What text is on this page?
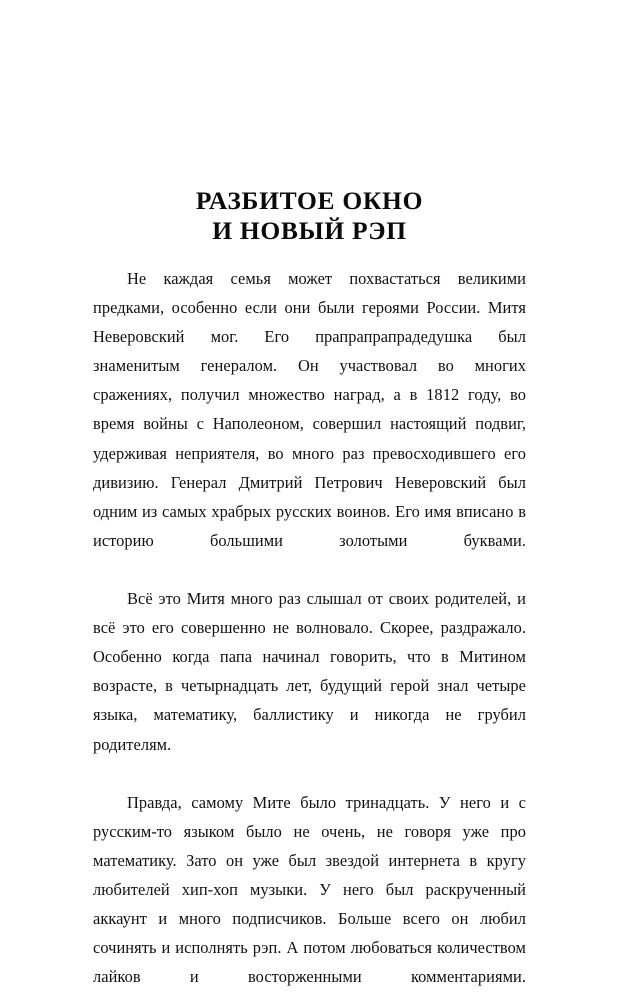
РАЗБИТОЕ ОКНО
И НОВЫЙ РЭП

Не каждая семья может похвастаться великими предками, особенно если они были героями России. Митя Неверовский мог. Его прапрапрапрадедушка был знаменитым генералом. Он участвовал во многих сражениях, получил множество наград, а в 1812 году, во время войны с Наполеоном, совершил настоящий подвиг, удерживая неприятеля, во много раз превосходившего его дивизию. Генерал Дмитрий Петрович Неверовский был одним из самых храбрых русских воинов. Его имя вписано в историю большими золотыми буквами.

Всё это Митя много раз слышал от своих родителей, и всё это его совершенно не волновало. Скорее, раздражало. Особенно когда папа начинал говорить, что в Митином возрасте, в четырнадцать лет, будущий герой знал четыре языка, математику, баллистику и никогда не грубил родителям.

Правда, самому Мите было тринадцать. У него и с русским-то языком было не очень, не говоря уже про математику. Зато он уже был звездой интернета в кругу любителей хип-хоп музыки. У него был раскрученный аккаунт и много подписчиков. Больше всего он любил сочинять и исполнять рэп. А потом любоваться количеством лайков и восторженными комментариями.
